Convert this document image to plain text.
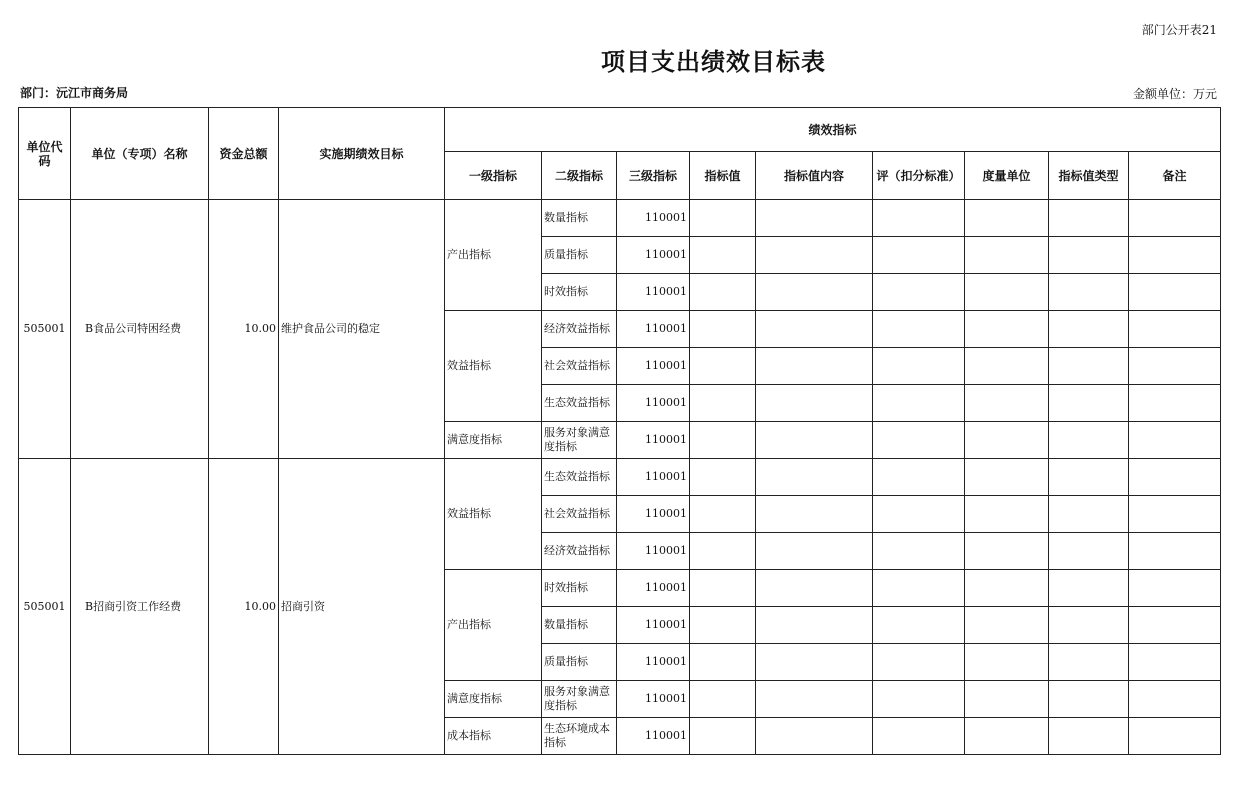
部门公开表21
项目支出绩效目标表
部门：沅江市商务局	金额单位：万元
单位代码	单位（专项）名称	资金总额	实施期绩效目标	绩效指标								
				一级指标	二级指标	三级指标	指标值	指标值内容	评（扣分标准）	度量单位	指标值类型	备注
505001	B食品公司特困经费	10.00	维护食品公司的稳定	产出指标	数量指标	110001						
					质量指标	110001						
					时效指标	110001						
				效益指标	经济效益指标	110001						
					社会效益指标	110001						
					生态效益指标	110001						
				满意度指标	服务对象满意度指标	110001						
505001	B招商引资工作经费	10.00	招商引资	效益指标	生态效益指标	110001						
					社会效益指标	110001						
					经济效益指标	110001						
				产出指标	时效指标	110001						
					数量指标	110001						
					质量指标	110001						
				满意度指标	服务对象满意度指标	110001						
				成本指标	生态环境成本指标	110001						
